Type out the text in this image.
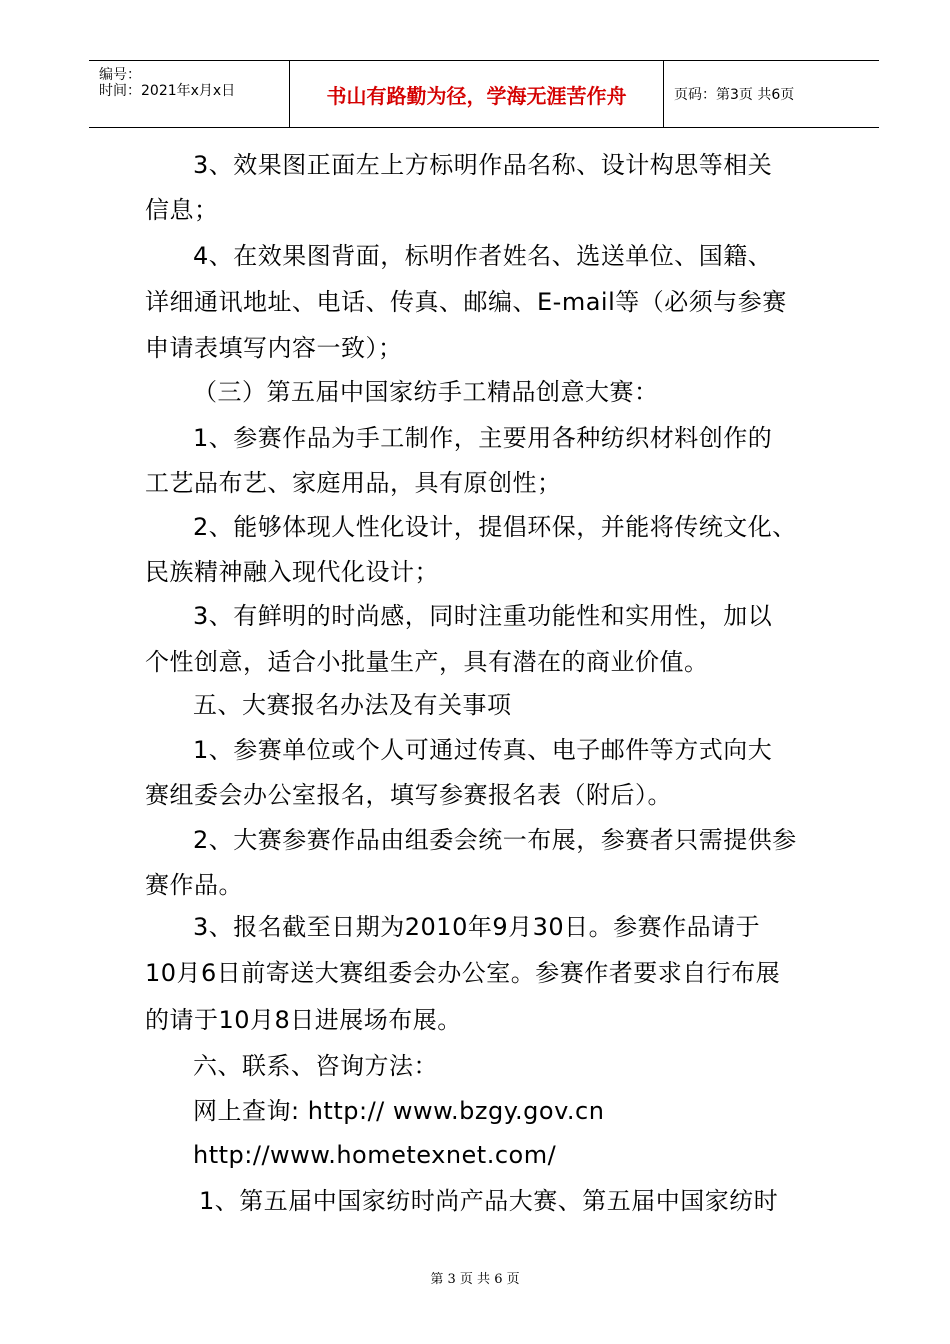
编号：
时间：2021年x月x日	书山有路勤为径，学海无涯苦作舟	页码：第3页 共6页
3、效果图正面左上方标明作品名称、设计构思等相关
信息；
4、在效果图背面，标明作者姓名、选送单位、国籍、
详细通讯地址、电话、传真、邮编、E-mail等（必须与参赛
申请表填写内容一致）；
（三）第五届中国家纺手工精品创意大赛：
1、参赛作品为手工制作，主要用各种纺织材料创作的
工艺品布艺、家庭用品，具有原创性；
2、能够体现人性化设计，提倡环保，并能将传统文化、
民族精神融入现代化设计；
3、有鲜明的时尚感，同时注重功能性和实用性，加以
个性创意，适合小批量生产，具有潜在的商业价值。
五、大赛报名办法及有关事项
1、参赛单位或个人可通过传真、电子邮件等方式向大
赛组委会办公室报名，填写参赛报名表（附后）。
2、大赛参赛作品由组委会统一布展，参赛者只需提供参
赛作品。
3、报名截至日期为2010年9月30日。参赛作品请于
10月6日前寄送大赛组委会办公室。参赛作者要求自行布展
的请于10月8日进展场布展。
六、联系、咨询方法：
网上查询: http:// www.bzgy.gov.cn
http://www.hometexnet.com/
1、第五届中国家纺时尚产品大赛、第五届中国家纺时
第 3 页 共 6 页
